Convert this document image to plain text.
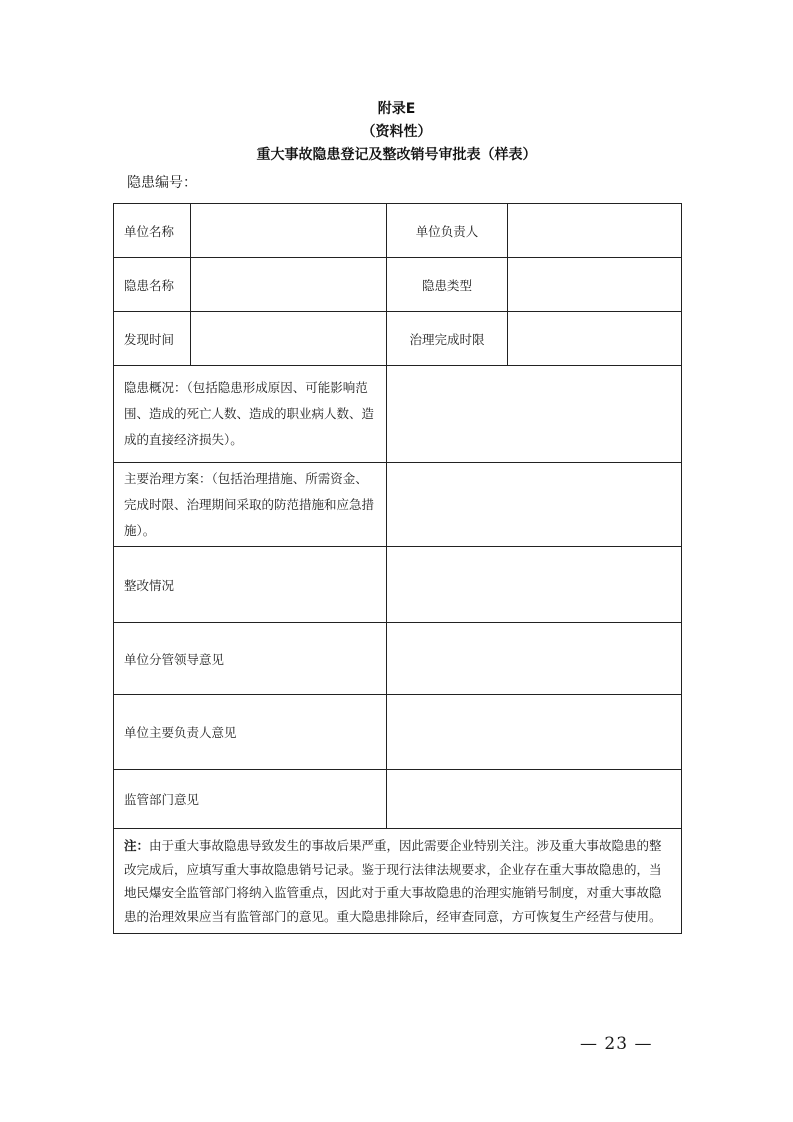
附录E
（资料性）
重大事故隐患登记及整改销号审批表（样表）
隐患编号：
单位名称		单位负责人	
隐患名称		隐患类型	
发现时间		治理完成时限	
隐患概况：（包括隐患形成原因、可能影响范围、造成的死亡人数、造成的职业病人数、造成的直接经济损失）。			
主要治理方案：（包括治理措施、所需资金、完成时限、治理期间采取的防范措施和应急措施）。			
整改情况			
单位分管领导意见			
单位主要负责人意见			
监管部门意见			
注：由于重大事故隐患导致发生的事故后果严重，因此需要企业特别关注。涉及重大事故隐患的整改完成后，应填写重大事故隐患销号记录。鉴于现行法律法规要求，企业存在重大事故隐患的，当地民爆安全监管部门将纳入监管重点，因此对于重大事故隐患的治理实施销号制度，对重大事故隐患的治理效果应当有监管部门的意见。重大隐患排除后，经审查同意，方可恢复生产经营与使用。			
— 23 —
